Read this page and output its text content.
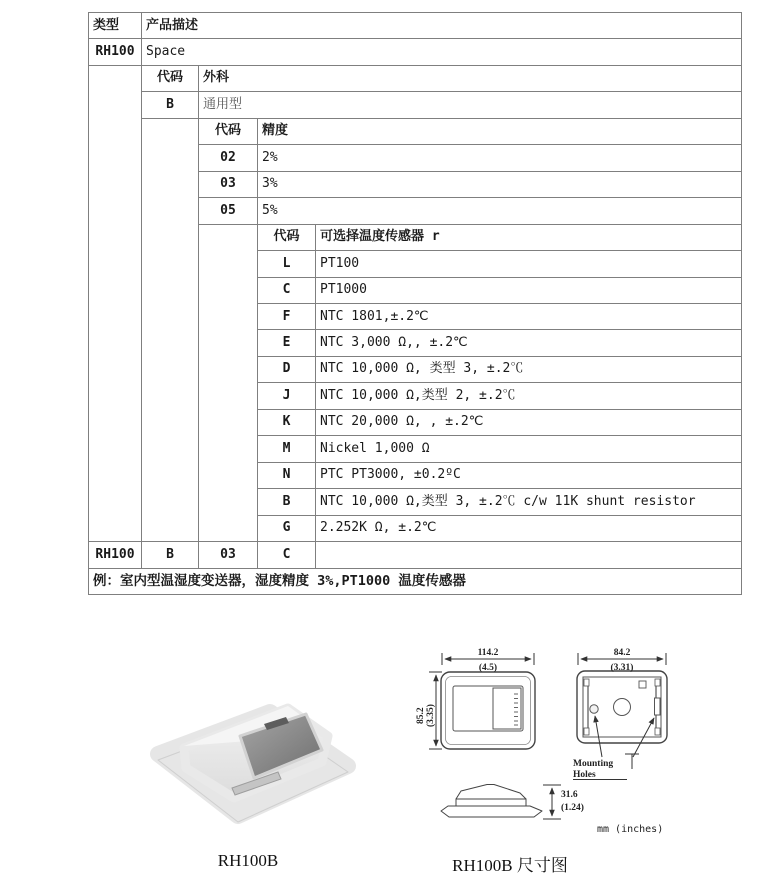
类型	产品描述			
RH100	Space			
	代码	外科		
	B	通用型		
		代码	精度	
		02	2%	
		03	3%	
		05	5%	
			代码	可选择温度传感器 r
			L	PT100
			C	PT1000
			F	NTC 1801,±.2℃
			E	NTC 3,000 Ω,, ±.2℃
			D	NTC 10,000 Ω, 类型 3, ±.2℃
			J	NTC 10,000 Ω,类型 2, ±.2℃
			K	NTC 20,000 Ω, , ±.2℃
			M	Nickel 1,000 Ω
			N	PTC PT3000, ±0.2ºC
			B	NTC 10,000 Ω,类型 3, ±.2℃ c/w 11K shunt resistor
			G	2.252K Ω, ±.2℃
RH100	B	03	C	
例：室内型温湿度变送器，湿度精度 3%,PT1000 温度传感器				
RH100B
114.2
(4.5)
85.2 (3.35)
84.2
(3.31)
Mounting
Holes
31.6
(1.24)
mm (inches)
RH100B 尺寸图
